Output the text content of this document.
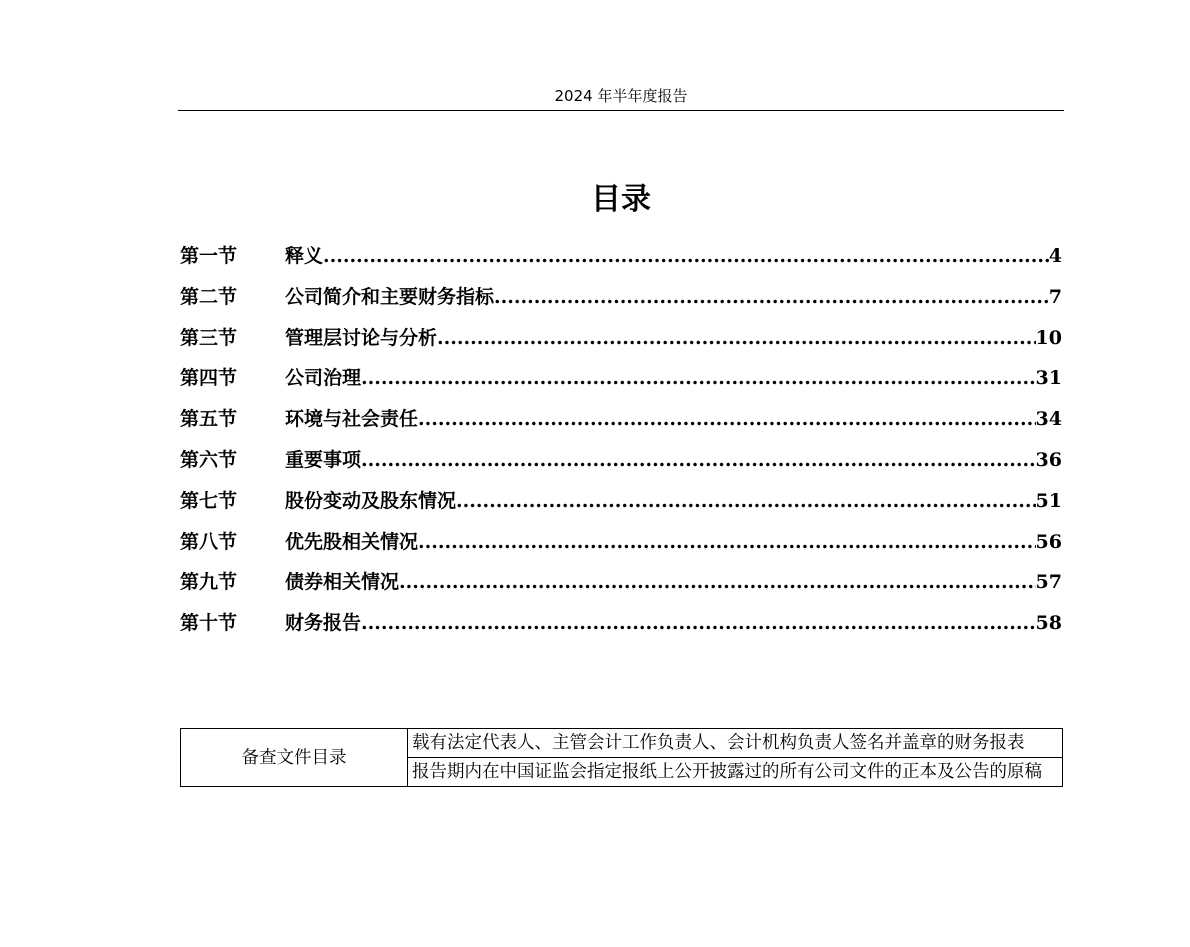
2024 年半年度报告
目录
第一节	释义 .....	4
第二节	公司简介和主要财务指标 .....	7
第三节	管理层讨论与分析 .....	10
第四节	公司治理 .....	31
第五节	环境与社会责任 .....	34
第六节	重要事项 .....	36
第七节	股份变动及股东情况 .....	51
第八节	优先股相关情况 .....	56
第九节	债券相关情况 .....	57
第十节	财务报告 .....	58
备查文件目录	载有法定代表人、主管会计工作负责人、会计机构负责人签名并盖章的财务报表
报告期内在中国证监会指定报纸上公开披露过的所有公司文件的正本及公告的原稿
